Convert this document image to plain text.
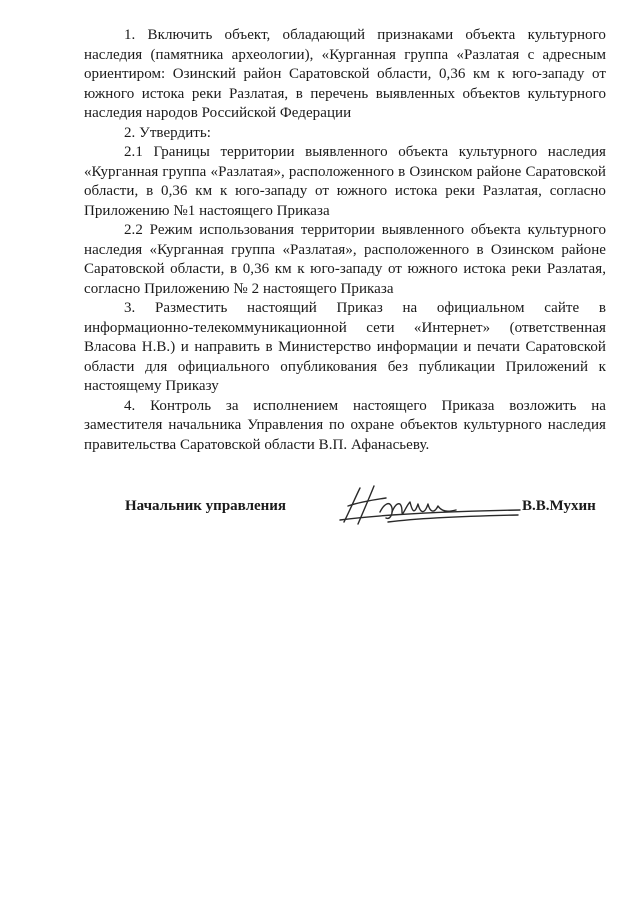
1. Включить объект, обладающий признаками объекта культурного наследия (памятника археологии), «Курганная группа «Разлатая с адресным ориентиром: Озинский район Саратовской области, 0,36 км к юго-западу от южного истока реки Разлатая, в перечень выявленных объектов культурного наследия народов Российской Федерации

2. Утвердить:

2.1 Границы территории выявленного объекта культурного наследия «Курганная группа «Разлатая», расположенного в Озинском районе Саратовской области, в 0,36 км к юго-западу от южного истока реки Разлатая, согласно Приложению №1 настоящего Приказа

2.2 Режим использования территории выявленного объекта культурного наследия «Курганная группа «Разлатая», расположенного в Озинском районе Саратовской области, в 0,36 км к юго-западу от южного истока реки Разлатая, согласно Приложению № 2 настоящего Приказа

3. Разместить настоящий Приказ на официальном сайте в информационно-телекоммуникационной сети «Интернет» (ответственная Власова Н.В.) и направить в Министерство информации и печати Саратовской области для официального опубликования без публикации Приложений к настоящему Приказу

4. Контроль за исполнением настоящего Приказа возложить на заместителя начальника Управления по охране объектов культурного наследия правительства Саратовской области В.П. Афанасьеву.

Начальник управления	В.В.Мухин
